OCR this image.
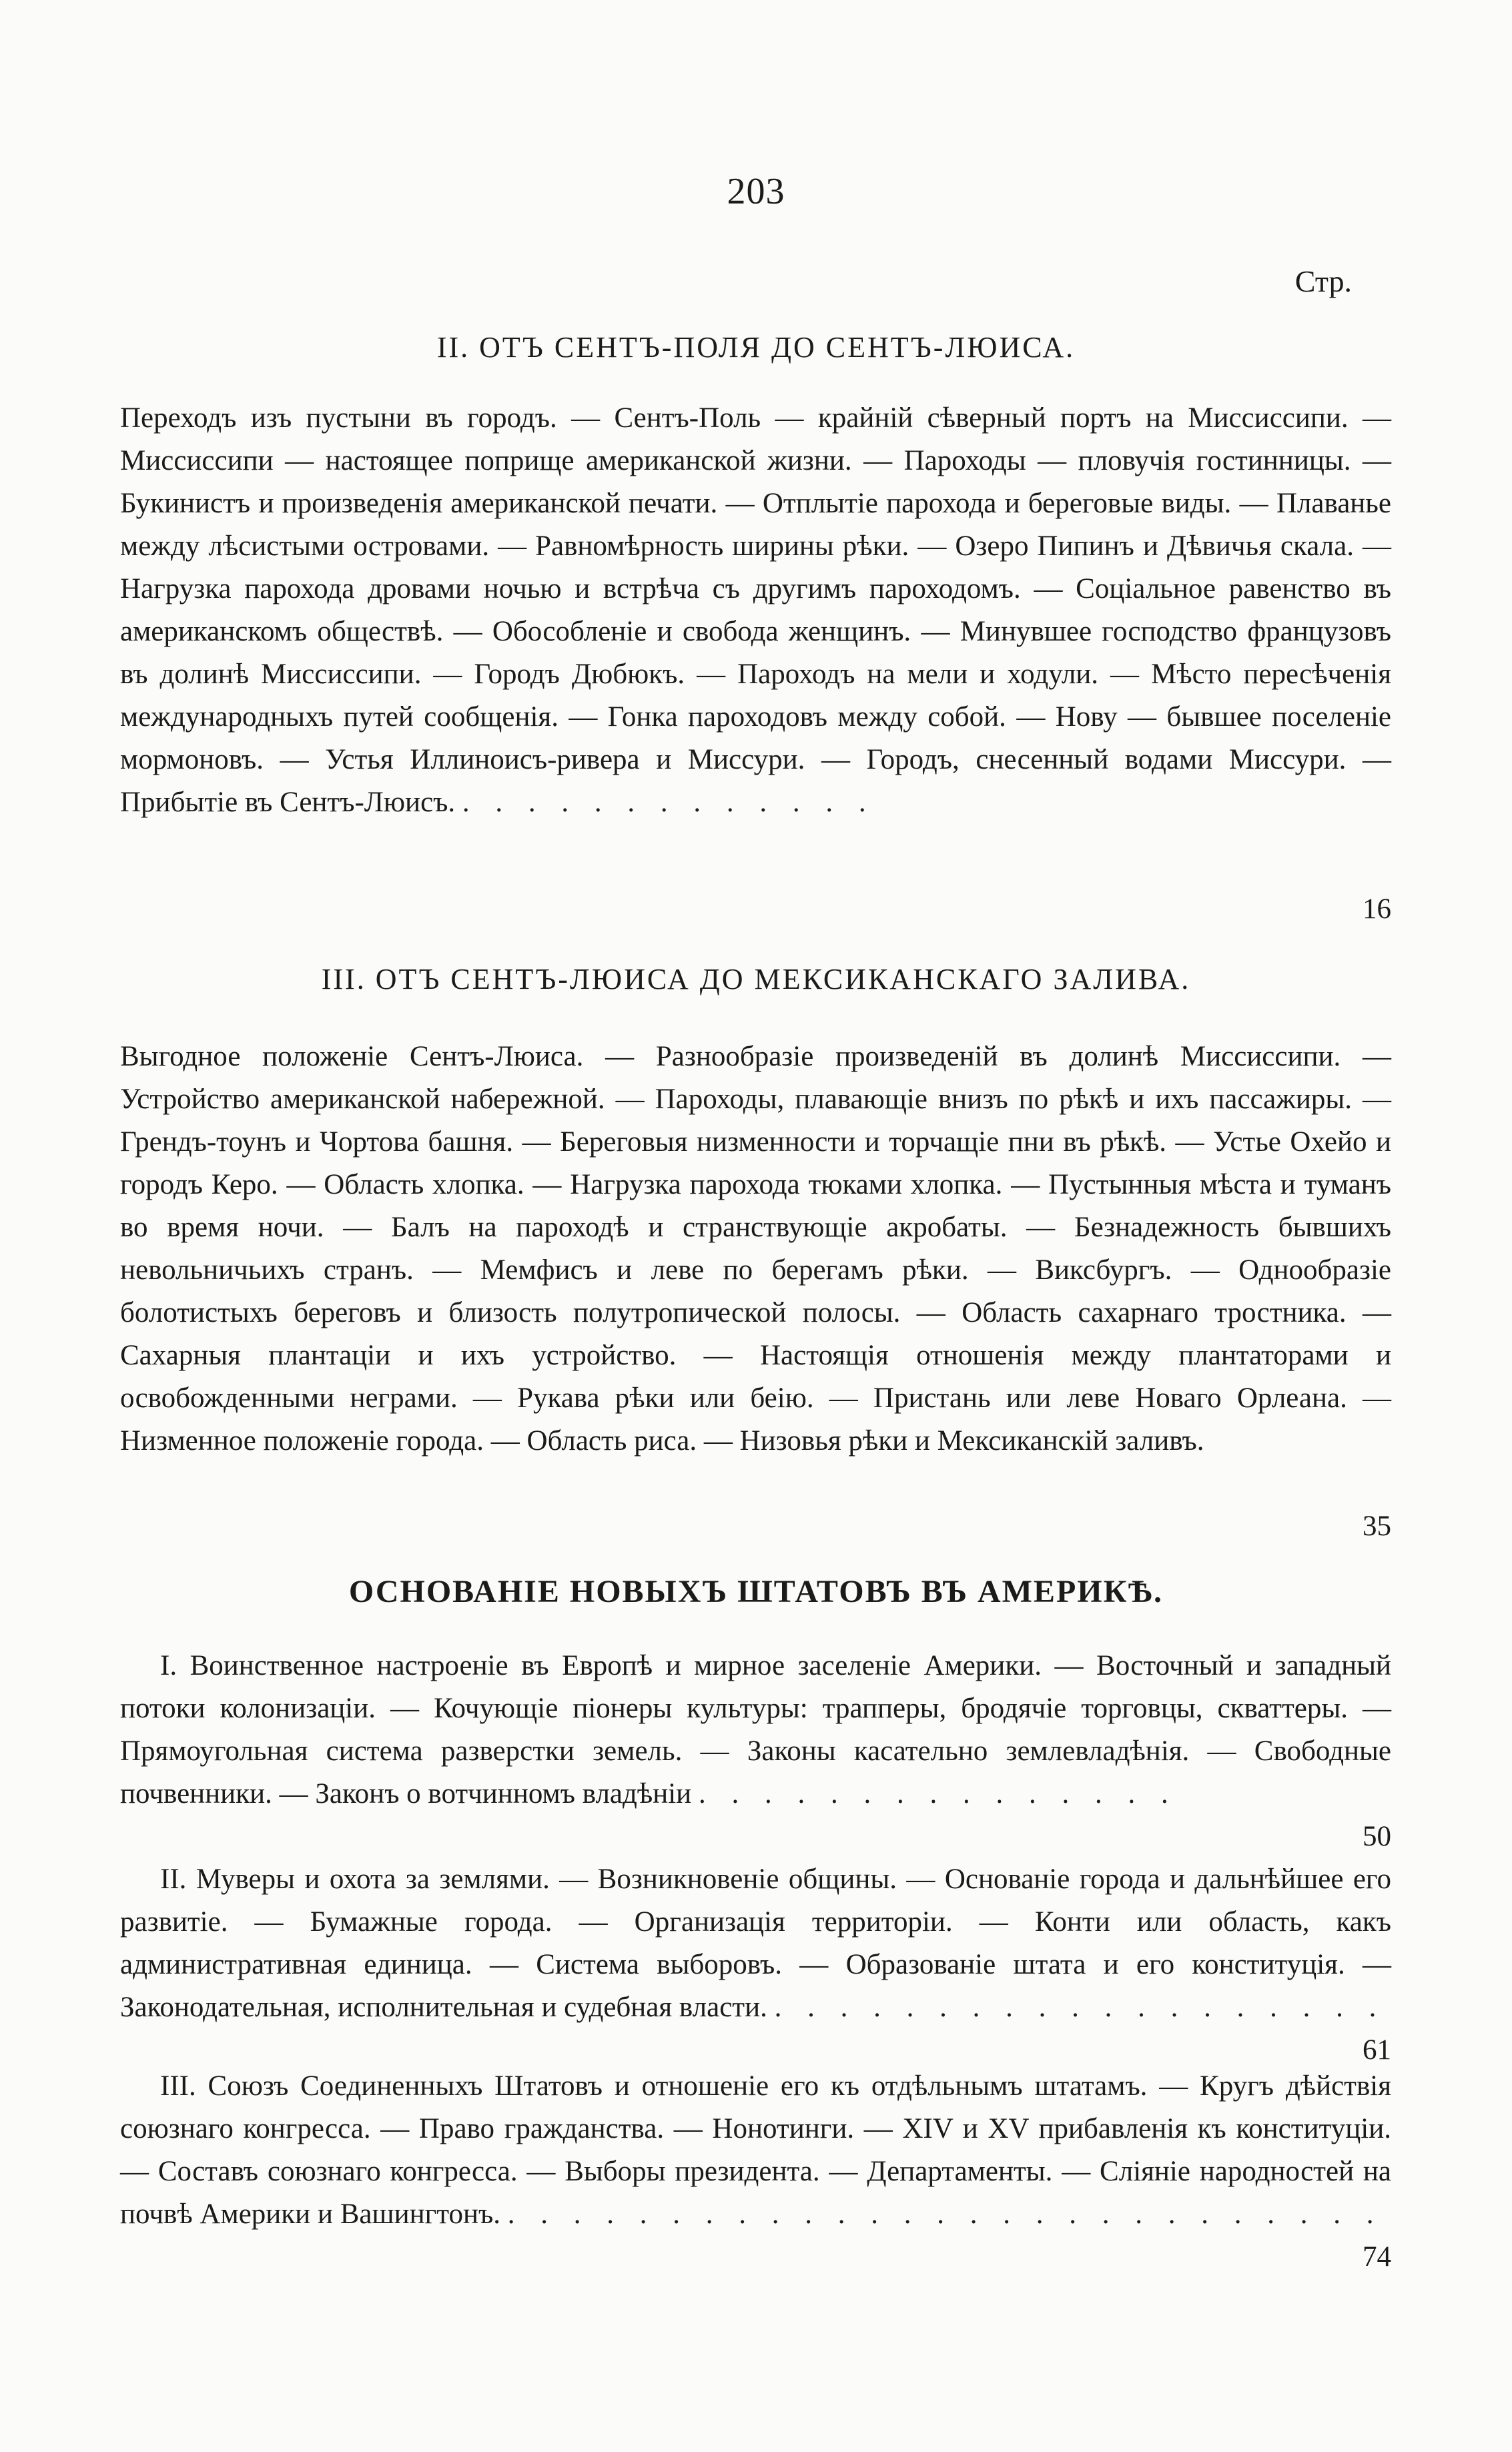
203
Стр.
II. ОТЪ СЕНТЪ-ПОЛЯ ДО СЕНТЪ-ЛЮИСА.
Переходъ изъ пустыни въ городъ. — Сентъ-Поль — крайній сѣверный портъ на Миссиссипи. — Миссиссипи — настоящее поприще американской жизни. — Пароходы — пловучія гостинницы. — Букинистъ и произведенія американской печати. — Отплытіе парохода и береговые виды. — Плаванье между лѣсистыми островами. — Равномѣрность ширины рѣки. — Озеро Пипинъ и Дѣвичья скала. — Нагрузка парохода дровами ночью и встрѣча съ другимъ пароходомъ. — Соціальное равенство въ американскомъ обществѣ. — Обособленіе и свобода женщинъ. — Минувшее господство французовъ въ долинѣ Миссиссипи. — Городъ Дюбюкъ. — Пароходъ на мели и ходули. — Мѣсто пересѣченія международныхъ путей сообщенія. — Гонка пароходовъ между собой. — Нову — бывшее поселеніе мормоновъ. — Устья Иллиноисъ-ривера и Миссури. — Городъ, снесенный водами Миссури. — Прибытіе въ Сентъ-Люисъ. . . . . . . . . . . . . .
16
III. ОТЪ СЕНТЪ-ЛЮИСА ДО МЕКСИКАНСКАГО ЗАЛИВА.
Выгодное положеніе Сентъ-Люиса. — Разнообразіе произведеній въ долинѣ Миссиссипи. — Устройство американской набережной. — Пароходы, плавающіе внизъ по рѣкѣ и ихъ пассажиры. — Грендъ-тоунъ и Чортова башня. — Береговыя низменности и торчащіе пни въ рѣкѣ. — Устье Охейо и городъ Керо. — Область хлопка. — Нагрузка парохода тюками хлопка. — Пустынныя мѣста и туманъ во время ночи. — Балъ на пароходѣ и странствующіе акробаты. — Безнадежность бывшихъ невольничьихъ странъ. — Мемфисъ и леве по берегамъ рѣки. — Виксбургъ. — Однообразіе болотистыхъ береговъ и близость полутропической полосы. — Область сахарнаго тростника. — Сахарныя плантаціи и ихъ устройство. — Настоящія отношенія между плантаторами и освобожденными неграми. — Рукава рѣки или беію. — Пристань или леве Новаго Орлеана. — Низменное положеніе города. — Область риса. — Низовья рѣки и Мексиканскій заливъ.
35
ОСНОВАНІЕ НОВЫХЪ ШТАТОВЪ ВЪ АМЕРИКѢ.
I. Воинственное настроеніе въ Европѣ и мирное заселеніе Америки. — Восточный и западный потоки колонизаціи. — Кочующіе піонеры культуры: трапперы, бродячіе торговцы, скваттеры. — Прямоугольная система разверстки земель. — Законы касательно землевладѣнія. — Свободные почвенники. — Законъ о вотчинномъ владѣніи . . . . . . . . . . . . . . .
50
II. Муверы и охота за землями. — Возникновеніе общины. — Основаніе города и дальнѣйшее его развитіе. — Бумажные города. — Организація территоріи. — Конти или область, какъ административная единица. — Система выборовъ. — Образованіе штата и его конституція. — Законодательная, исполнительная и судебная власти. . . . . . . . . . . . . . . . . . . .
61
III. Союзъ Соединенныхъ Штатовъ и отношеніе его къ отдѣльнымъ штатамъ. — Кругъ дѣйствія союзнаго конгресса. — Право гражданства. — Нонотинги. — XIV и XV прибавленія къ конституціи. — Составъ союзнаго конгресса. — Выборы президента. — Департаменты. — Сліяніе народностей на почвѣ Америки и Вашингтонъ. . . . . . . . . . . . . . . . . . . . . . . . . . . .
74
